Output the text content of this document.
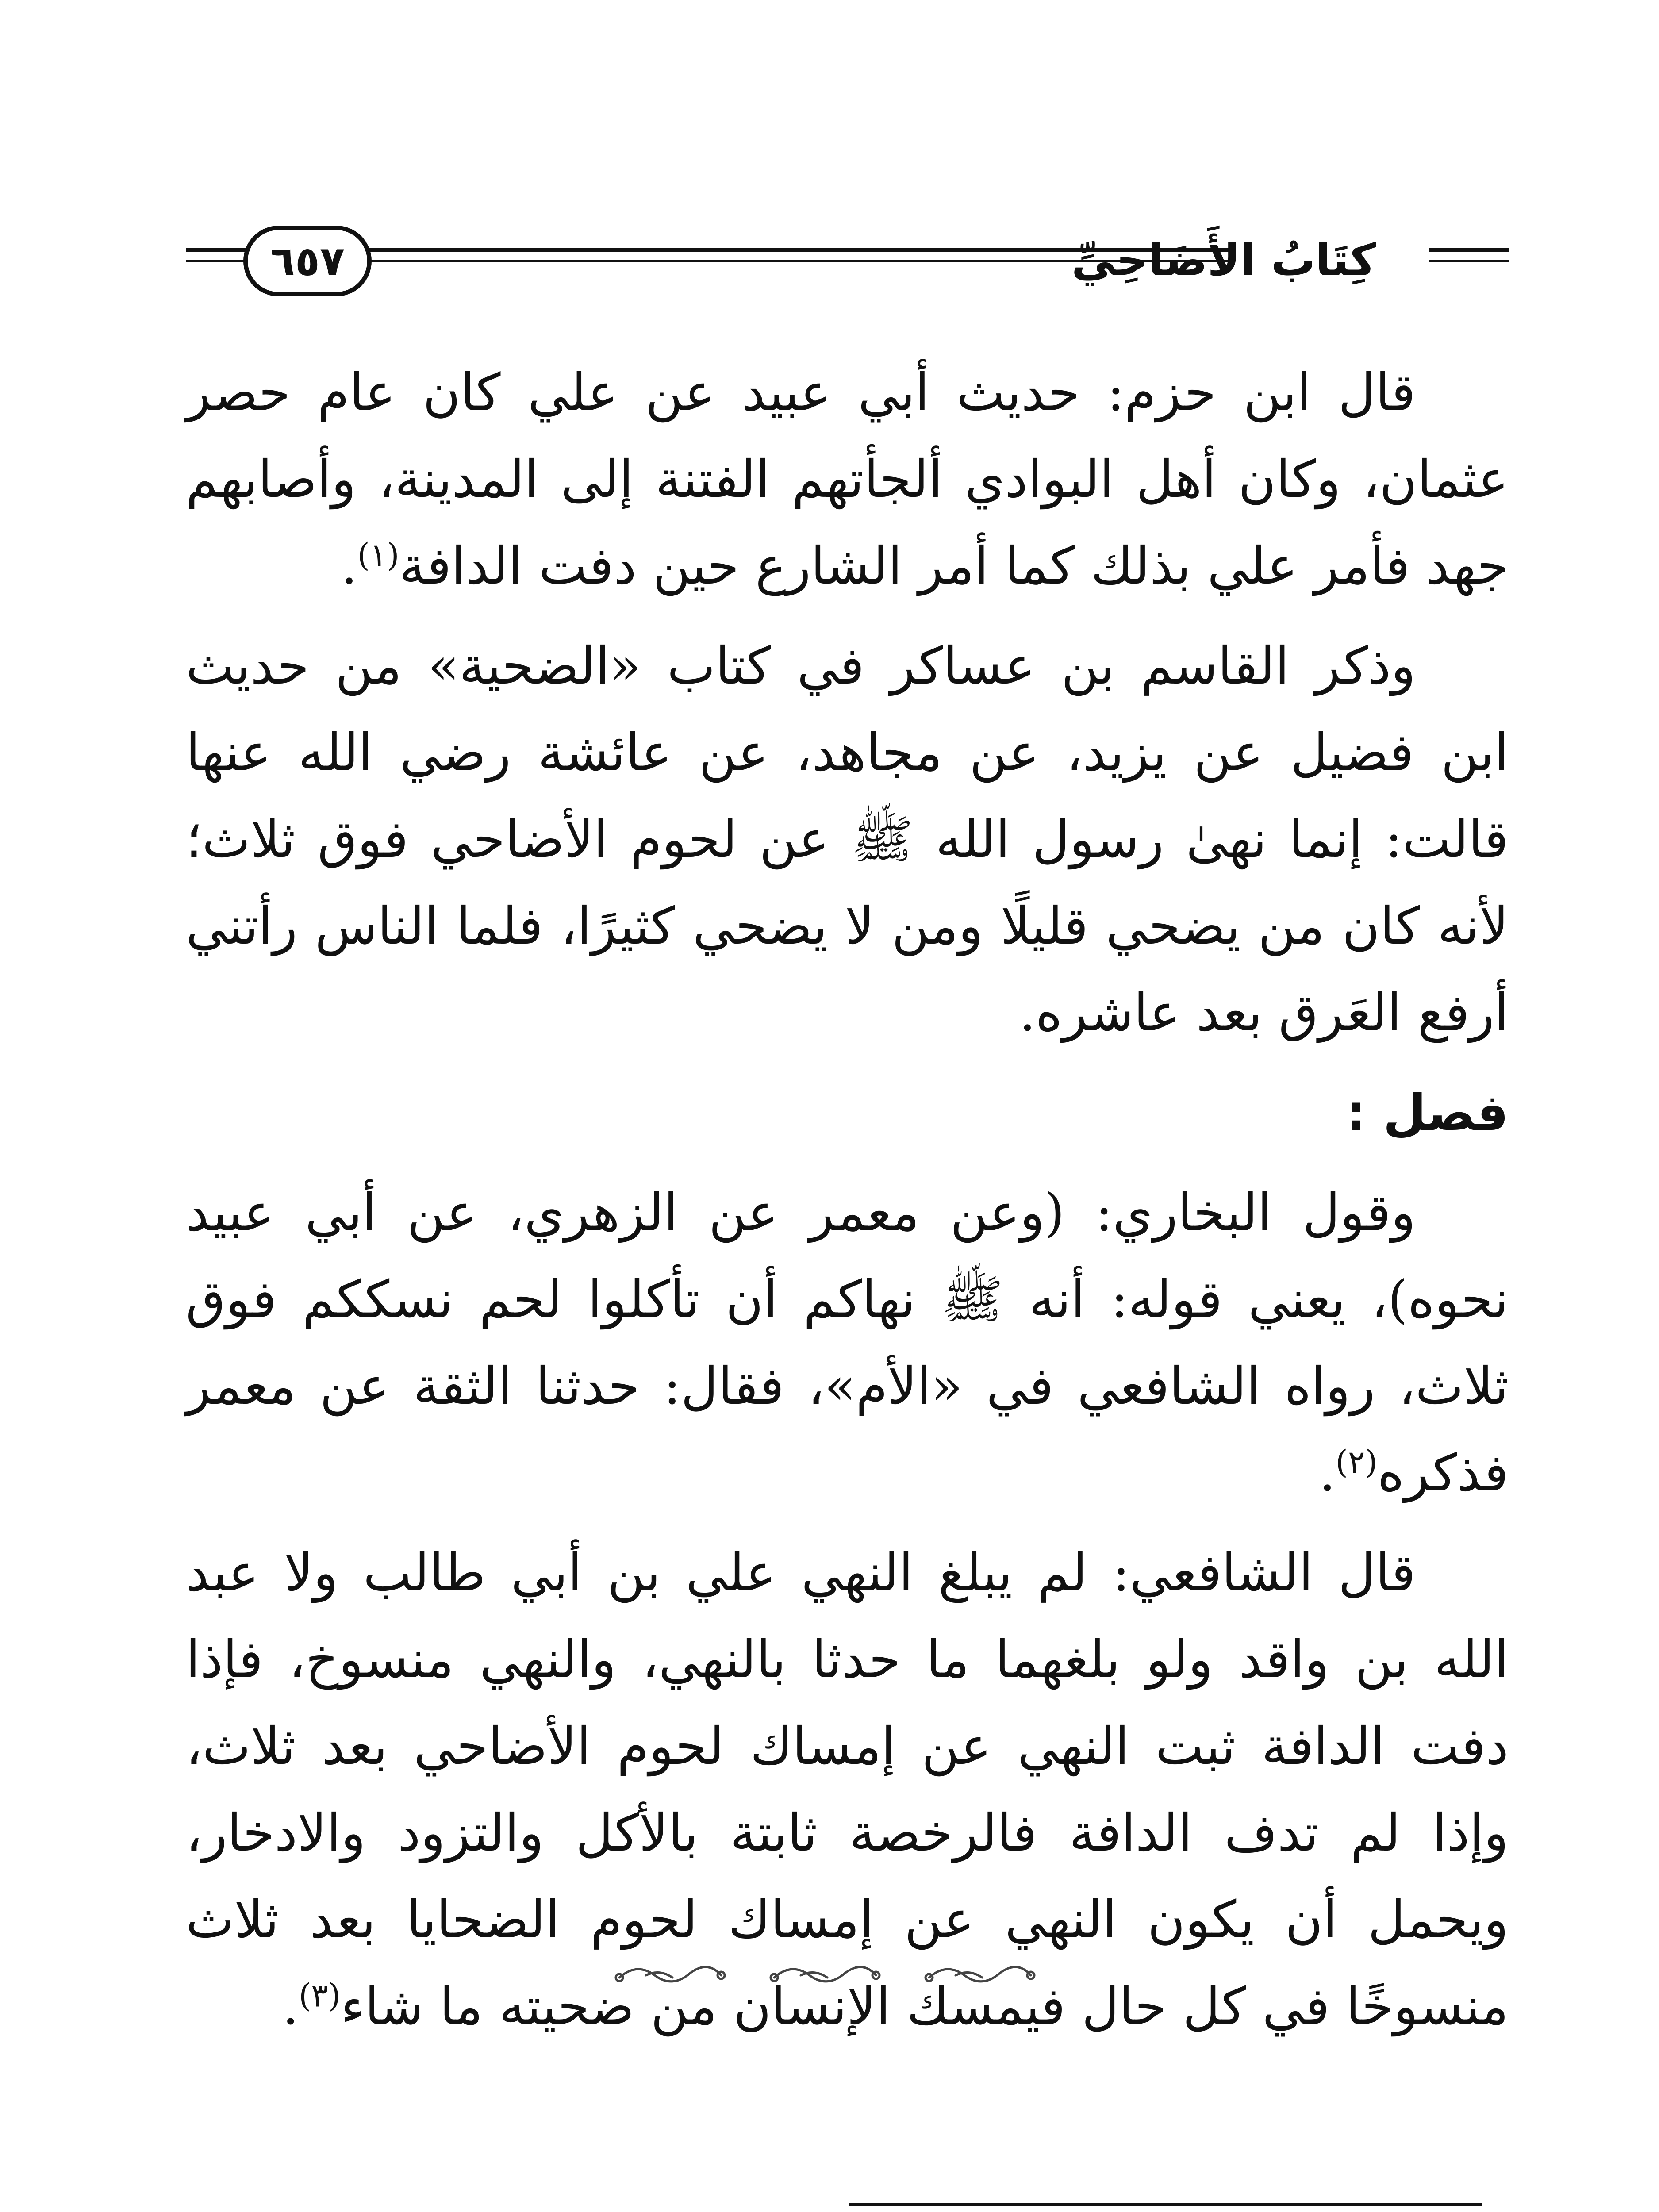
٦٥٧	كِتَابُ الأَضَاحِيِّ

قال ابن حزم: حديث أبي عبيد عن علي كان عام حصر عثمان، وكان أهل البوادي ألجأتهم الفتنة إلى المدينة، وأصابهم جهد فأمر علي بذلك كما أمر الشارع حين دفت الدافة$^{(١)}$.

وذكر القاسم بن عساكر في كتاب «الضحية» من حديث ابن فضيل عن يزيد، عن مجاهد، عن عائشة رضي الله عنها قالت: إنما نهىٰ رسول الله ﷺ عن لحوم الأضاحي فوق ثلاث؛ لأنه كان من يضحي قليلًا ومن لا يضحي كثيرًا، فلما الناس رأتني أرفع العَرق بعد عاشره.

فصل :

وقول البخاري: (وعن معمر عن الزهري، عن أبي عبيد نحوه)، يعني قوله: أنه ﷺ نهاكم أن تأكلوا لحم نسككم فوق ثلاث، رواه الشافعي في «الأم»، فقال: حدثنا الثقة عن معمر فذكره$^{(٢)}$.

قال الشافعي: لم يبلغ النهي علي بن أبي طالب ولا عبد الله بن واقد ولو بلغهما ما حدثا بالنهي، والنهي منسوخ، فإذا دفت الدافة ثبت النهي عن إمساك لحوم الأضاحي بعد ثلاث، وإذا لم تدف الدافة فالرخصة ثابتة بالأكل والتزود والادخار، ويحمل أن يكون النهي عن إمساك لحوم الضحايا بعد ثلاث منسوخًا في كل حال فيمسك الإنسان من ضحيته ما شاء$^{(٣)}$.
